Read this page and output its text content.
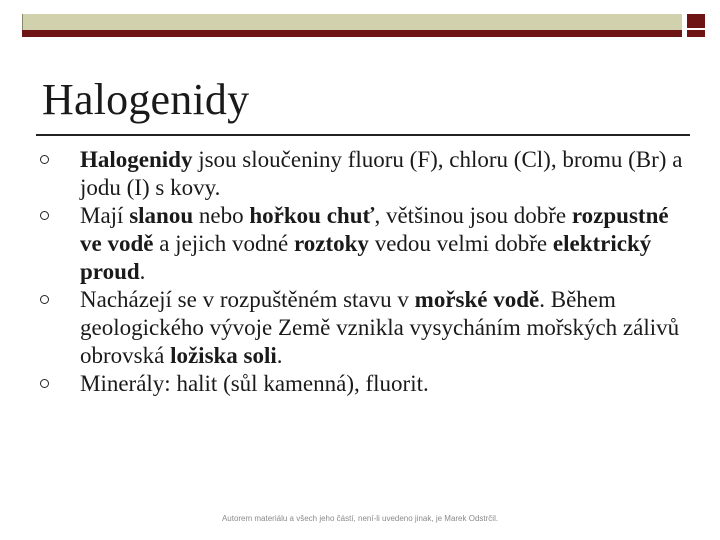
Halogenidy
Halogenidy jsou sloučeniny fluoru (F), chloru (Cl), bromu (Br) a jodu (I) s kovy.
Mají slanou nebo hořkou chuť, většinou jsou dobře rozpustné ve vodě a jejich vodné roztoky vedou velmi dobře elektrický proud.
Nacházejí se v rozpuštěném stavu v mořské vodě. Během geologického vývoje Země vznikla vysycháním mořských zálivů obrovská ložiska soli.
Minerály: halit (sůl kamenná), fluorit.
Autorem materiálu a všech jeho částí, není-li uvedeno jinak, je Marek Odstrčil.
